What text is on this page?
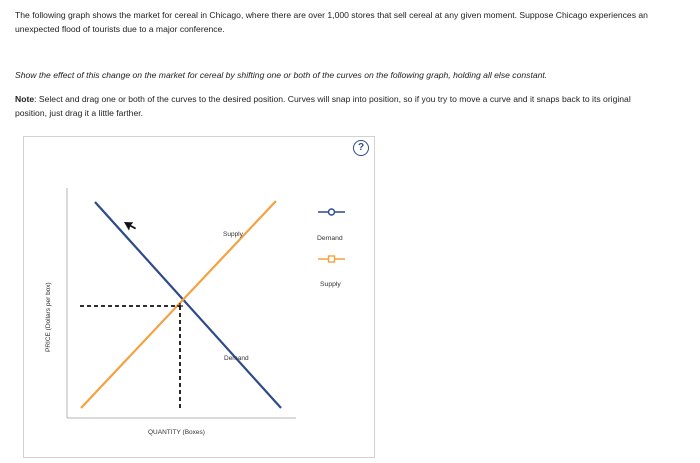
The following graph shows the market for cereal in Chicago, where there are over 1,000 stores that sell cereal at any given moment. Suppose Chicago experiences an unexpected flood of tourists due to a major conference.

Show the effect of this change on the market for cereal by shifting one or both of the curves on the following graph, holding all else constant.

Note: Select and drag one or both of the curves to the desired position. Curves will snap into position, so if you try to move a curve and it snaps back to its original position, just drag it a little farther.

?
PRICE (Dollars per box)
QUANTITY (Boxes)
Supply
Demand
Demand
Supply
